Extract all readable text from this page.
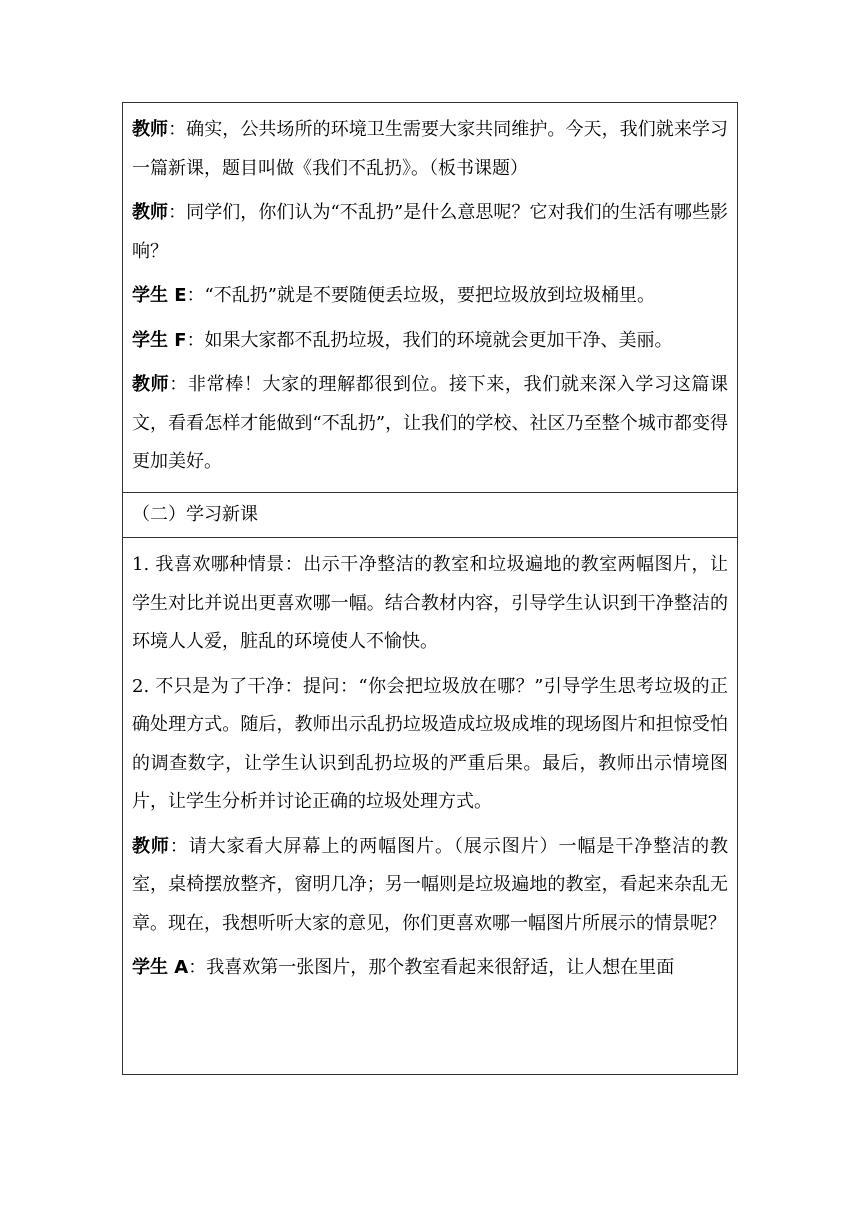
教师：确实，公共场所的环境卫生需要大家共同维护。今天，我们就来学习一篇新课，题目叫做《我们不乱扔》。（板书课题）

教师：同学们，你们认为“不乱扔”是什么意思呢？它对我们的生活有哪些影响？

学生 E：“不乱扔”就是不要随便丢垃圾，要把垃圾放到垃圾桶里。

学生 F：如果大家都不乱扔垃圾，我们的环境就会更加干净、美丽。

教师：非常棒！大家的理解都很到位。接下来，我们就来深入学习这篇课文，看看怎样才能做到“不乱扔”，让我们的学校、社区乃至整个城市都变得更加美好。

（二）学习新课

1. 我喜欢哪种情景：出示干净整洁的教室和垃圾遍地的教室两幅图片，让学生对比并说出更喜欢哪一幅。结合教材内容，引导学生认识到干净整洁的环境人人爱，脏乱的环境使人不愉快。

2. 不只是为了干净：提问：“你会把垃圾放在哪？”引导学生思考垃圾的正确处理方式。随后，教师出示乱扔垃圾造成垃圾成堆的现场图片和担惊受怕的调查数字，让学生认识到乱扔垃圾的严重后果。最后，教师出示情境图片，让学生分析并讨论正确的垃圾处理方式。

教师：请大家看大屏幕上的两幅图片。（展示图片）一幅是干净整洁的教室，桌椅摆放整齐，窗明几净；另一幅则是垃圾遍地的教室，看起来杂乱无章。现在，我想听听大家的意见，你们更喜欢哪一幅图片所展示的情景呢？

学生 A：我喜欢第一张图片，那个教室看起来很舒适，让人想在里面
